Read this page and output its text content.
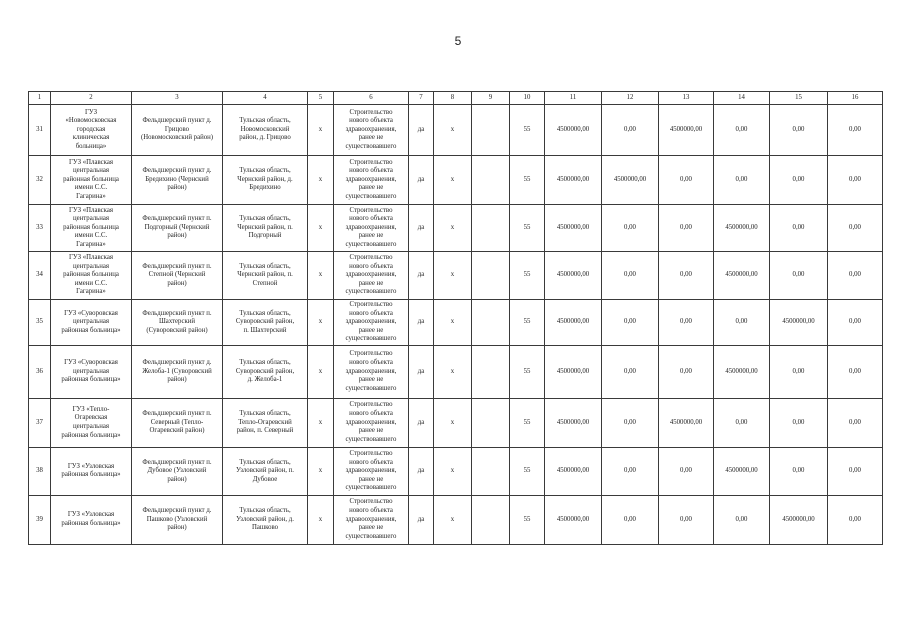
5
1	2	3	4	5	6	7	8	9	10	11	12	13	14	15	16
31	ГУЗ
«Новомосковская
городская
клиническая
больница»	Фельдшерский пункт д.
Грицово
(Новомосковский район)	Тульская область,
Новомосковский
район, д. Грицово	х	Строительство
нового объекта
здравоохранения,
ранее не
существовавшего	да	х		55	4500000,00	0,00	4500000,00	0,00	0,00	0,00
32	ГУЗ «Плавская
центральная
районная больница
имени С.С.
Гагарина»	Фельдшерский пункт д.
Бредихино (Чернский
район)	Тульская область,
Чернский район, д.
Бредихино	х	Строительство
нового объекта
здравоохранения,
ранее не
существовавшего	да	х		55	4500000,00	4500000,00	0,00	0,00	0,00	0,00
33	ГУЗ «Плавская
центральная
районная больница
имени С.С.
Гагарина»	Фельдшерский пункт п.
Подгорный (Чернский
район)	Тульская область,
Чернский район, п.
Подгорный	х	Строительство
нового объекта
здравоохранения,
ранее не
существовавшего	да	х		55	4500000,00	0,00	0,00	4500000,00	0,00	0,00
34	ГУЗ «Плавская
центральная
районная больница
имени С.С.
Гагарина»	Фельдшерский пункт п.
Степной (Чернский
район)	Тульская область,
Чернский район, п.
Степной	х	Строительство
нового объекта
здравоохранения,
ранее не
существовавшего	да	х		55	4500000,00	0,00	0,00	4500000,00	0,00	0,00
35	ГУЗ «Суворовская
центральная
районная больница»	Фельдшерский пункт п.
Шахтерский
(Суворовский район)	Тульская область,
Суворовский район,
п. Шахтерский	х	Строительство
нового объекта
здравоохранения,
ранее не
существовавшего	да	х		55	4500000,00	0,00	0,00	0,00	4500000,00	0,00
36	ГУЗ «Суворовская
центральная
районная больница»	Фельдшерский пункт д.
Желоба-1 (Суворовский
район)	Тульская область,
Суворовский район,
д. Желоба-1	х	Строительство
нового объекта
здравоохранения,
ранее не
существовавшего	да	х		55	4500000,00	0,00	0,00	4500000,00	0,00	0,00
37	ГУЗ «Тепло-
Огаревская
центральная
районная больница»	Фельдшерский пункт п.
Северный (Тепло-
Огаревский район)	Тульская область,
Тепло-Огаревский
район, п. Северный	х	Строительство
нового объекта
здравоохранения,
ранее не
существовавшего	да	х		55	4500000,00	0,00	4500000,00	0,00	0,00	0,00
38	ГУЗ «Узловская
районная больница»	Фельдшерский пункт п.
Дубовое (Узловский
район)	Тульская область,
Узловский район, п.
Дубовое	х	Строительство
нового объекта
здравоохранения,
ранее не
существовавшего	да	х		55	4500000,00	0,00	0,00	4500000,00	0,00	0,00
39	ГУЗ «Узловская
районная больница»	Фельдшерский пункт д.
Пашково (Узловский
район)	Тульская область,
Узловский район, д.
Пашково	х	Строительство
нового объекта
здравоохранения,
ранее не
существовавшего	да	х		55	4500000,00	0,00	0,00	0,00	4500000,00	0,00
